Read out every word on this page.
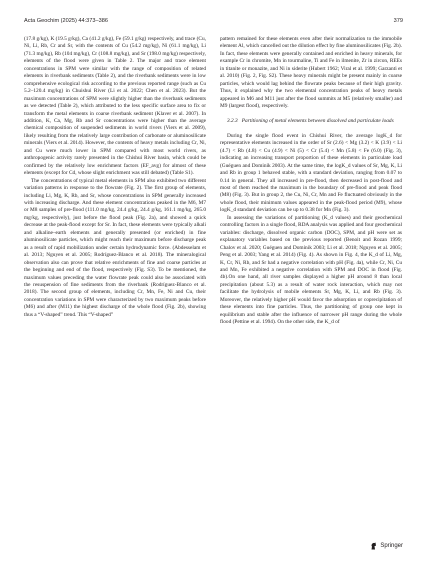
Acta Geochim (2025) 44:373–386	379

(17.8 g/kg), K (19.5 g/kg), Ca (41.2 g/kg), Fe (59.1 g/kg) respectively, and trace (Cu, Ni, Li, Rb, Cr and Sr, with the contents of Cu (54.2 mg/kg), Ni (61.1 mg/kg), Li (71.3 mg/kg), Rb (104 mg/kg), Cr (108.8 mg/kg), and Sr (198.0 mg/kg) respectively, elements of the flood were given in Table 2. The major and trace element concentrations in SPM were similar with the range of composition of related elements in riverbank sediments (Table 2), and the riverbank sediments were in low comprehensive ecological risk according to the previous reported range (such as Cu 5.2–120.4 mg/kg) in Chuishui River (Li et al. 2022; Chen et al. 2023). But the maximum concentrations of SPM were slightly higher than the riverbank sediments as we detected (Table 2), which attributed to the less specific surface area to fix or transform the metal elements in coarse riverbank sediment (Klaver et al. 2007). In addition, K, Ca, Mg, Rb and Sr concentrations were higher than the average chemical composition of suspended sediments in world rivers (Viers et al. 2009), likely resulting from the relatively large contribution of carbonate or aluminosilicate minerals (Viers et al. 2014). However, the contents of heavy metals including Cr, Ni, and Cu were much lower in SPM compared with most world rivers, as anthropogenic activity rarely presented in the Chishui River basin, which could be confirmed by the relatively low enrichment factors (EF_avg) for almost of these elements (except for Cd, whose slight enrichment was still debated) (Table S1).

The concentrations of typical metal elements in SPM also exhibited two different variation patterns in response to the flowrate (Fig. 2). The first group of elements, including Li, Mg, K, Rb, and Sr, whose concentrations in SPM generally increased with increasing discharge. And these element concentrations peaked in the M6, M7 or M8 samples of pre-flood (111.0 mg/kg, 24.4 g/kg, 24.4 g/kg, 161.1 mg/kg, 265.0 mg/kg, respectively), just before the flood peak (Fig. 2a), and showed a quick decrease at the peak-flood except for Sr. In fact, these elements were typically alkali and alkaline–earth elements and generally presented (or enriched) in fine aluminosilicate particles, which might reach their maximum before discharge peak as a result of rapid mobilization under certain hydrodynamic force. (Abdesselam et al. 2013; Nguyen et al. 2005; Rodríguez-Blanco et al. 2018). The mineralogical observation also can prove that relative enrichments of fine and coarse particles at the beginning and end of the flood, respectively (Fig. S3). To be mentioned, the maximum values preceding the water flowrate peak could also be associated with the resuspension of fine sediments from the riverbank (Rodríguez-Blanco et al. 2018). The second group of elements, including Cr, Mn, Fe, Ni and Cu, their concentration variations in SPM were characterized by two maximum peaks before (M6) and after (M11) the highest discharge of the whole flood (Fig. 2b), showing thus a “V-shaped” trend. This “V-shaped”

pattern remained for these elements even after their normalization to the immobile element Al, which cancelled out the dilution effect by fine aluminosilicates (Fig. 2b). In fact, these elements were generally contained and enriched in heavy minerals, for example Cr in chromite, Mn in tourmaline, Ti and Fe in ilmenite, Zr in zircon, REEs in titanite or monazite, and Ni in siderite (Hubert 1962; Viral et al. 1999; Garzanti et al. 2010) (Fig. 2, Fig. S2). These heavy minerals might be present mainly in coarse particles, which would lag behind the flowrate peaks because of their high gravity. Thus, it explained why the two elemental concentration peaks of heavy metals appeared in M6 and M11 just after the flood summits at M5 (relatively smaller) and M9 (largest flood), respectively.

3.2.3 Partitioning of metal elements between dissolved and particulate loads

During the single flood event in Chishui River, the average logK_d for representative elements increased in the order of Sr (2.6) < Mg (3.2) < K (3.9) < Li (4.7) < Rb (4.8) < Cu (4.9) < Ni (5) < Cr (5.4) < Mn (5.8) < Fe (6.0) (Fig. 3), indicating an increasing transport proportion of these elements in particulate load (Guéguen and Dominik 2003). At the same time, the logK_d values of Sr, Mg, K, Li and Rb in group 1 behaved stable, with a standard deviation, ranging from 0.07 to 0.14 in general. They all increased in pre-flood, then decreased in post-flood and most of them reached the maximum in the boundary of pre-flood and peak flood (M8) (Fig. 3). But in group 2, the Cu, Ni, Cr, Mn and Fe fluctuated obviously in the whole flood, their minimum values appeared in the peak-flood period (M9), whose logK_d standard deviation can be up to 0.38 for Mn (Fig. 3).

In assessing the variations of partitioning (K_d values) and their geochemical controlling factors in a single flood, RDA analysis was applied and four geochemical variables: discharge, dissolved organic carbon (DOC), SPM, and pH were set as explanatory variables based on the previous reported (Benoit and Rozan 1999; Chalov et al. 2020; Guéguen and Dominik 2003; Li et al. 2018; Nguyen et al. 2005; Peng et al. 2003; Yang et al. 2014) (Fig. 4). As shown in Fig. 4, the K_d of Li, Mg, K, Cr, Ni, Rb, and Sr had a negative correlation with pH (Fig. 4a), while Cr, Ni, Cu and Mn, Fe exhibited a negative correlation with SPM and DOC in flood (Fig. 4b).On one hand, all river samples displayed a higher pH around 8 than local precipitation (about 5.3) as a result of water rock interaction, which may not facilitate the hydrolysis of mobile elements Sr, Mg, K, Li, and Rb (Fig. 3). Moreover, the relatively higher pH would favor the adsorption or coprecipitation of these elements into fine particles. Thus, the partitioning of group one kept in equilibrium and stable after the influence of narrower pH range during the whole flood (Pettine et al. 1994). On the other side, the K_d of

Springer
